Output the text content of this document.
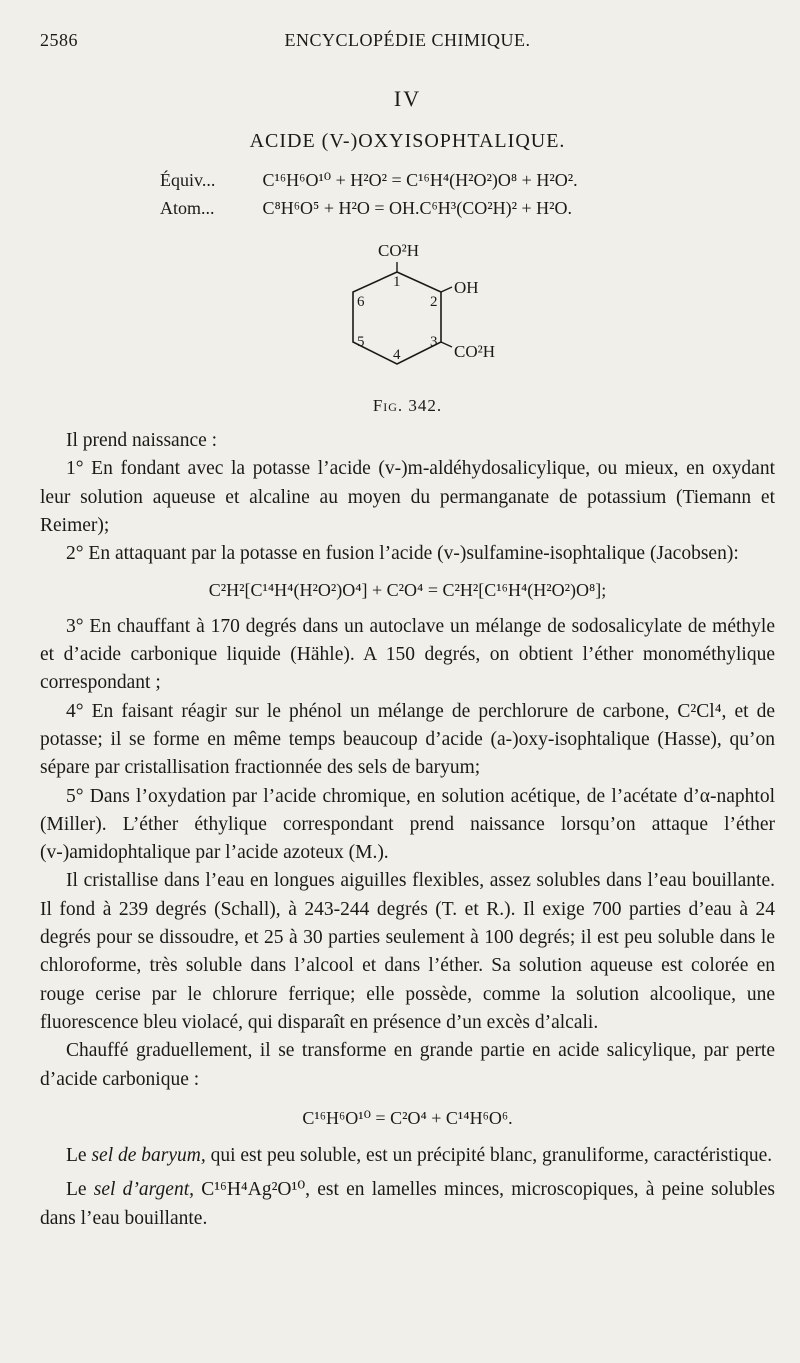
2586	ENCYCLOPÉDIE CHIMIQUE.
IV
ACIDE (V-)OXYISOPHTALIQUE.
Équiv...	C¹⁶H⁶O¹⁰ + H²O² = C¹⁶H⁴(H²O²)O⁸ + H²O².
Atom...	C⁸H⁶O⁵ + H²O = OH.C⁶H³(CO²H)² + H²O.
CO²H
OH
CO²H
1
2
3
4
5
6
Fig. 342.

Il prend naissance :

1° En fondant avec la potasse l’acide (v-)m-aldéhydosalicylique, ou mieux, en oxydant leur solution aqueuse et alcaline au moyen du permanganate de potassium (Tiemann et Reimer);

2° En attaquant par la potasse en fusion l’acide (v-)sulfamine-isophtalique (Jacobsen):

C²H²[C¹⁴H⁴(H²O²)O⁴] + C²O⁴ = C²H²[C¹⁶H⁴(H²O²)O⁸];

3° En chauffant à 170 degrés dans un autoclave un mélange de sodosalicylate de méthyle et d’acide carbonique liquide (Hähle). A 150 degrés, on obtient l’éther monométhylique correspondant ;

4° En faisant réagir sur le phénol un mélange de perchlorure de carbone, C²Cl⁴, et de potasse; il se forme en même temps beaucoup d’acide (a-)oxy-isophtalique (Hasse), qu’on sépare par cristallisation fractionnée des sels de baryum;

5° Dans l’oxydation par l’acide chromique, en solution acétique, de l’acétate d’α-naphtol (Miller). L’éther éthylique correspondant prend naissance lorsqu’on attaque l’éther (v-)amidophtalique par l’acide azoteux (M.).

Il cristallise dans l’eau en longues aiguilles flexibles, assez solubles dans l’eau bouillante. Il fond à 239 degrés (Schall), à 243-244 degrés (T. et R.). Il exige 700 parties d’eau à 24 degrés pour se dissoudre, et 25 à 30 parties seulement à 100 degrés; il est peu soluble dans le chloroforme, très soluble dans l’alcool et dans l’éther. Sa solution aqueuse est colorée en rouge cerise par le chlorure ferrique; elle possède, comme la solution alcoolique, une fluorescence bleu violacé, qui disparaît en présence d’un excès d’alcali.

Chauffé graduellement, il se transforme en grande partie en acide salicylique, par perte d’acide carbonique :

C¹⁶H⁶O¹⁰ = C²O⁴ + C¹⁴H⁶O⁶.

Le sel de baryum, qui est peu soluble, est un précipité blanc, granuliforme, caractéristique.

Le sel d’argent, C¹⁶H⁴Ag²O¹⁰, est en lamelles minces, microscopiques, à peine solubles dans l’eau bouillante.
